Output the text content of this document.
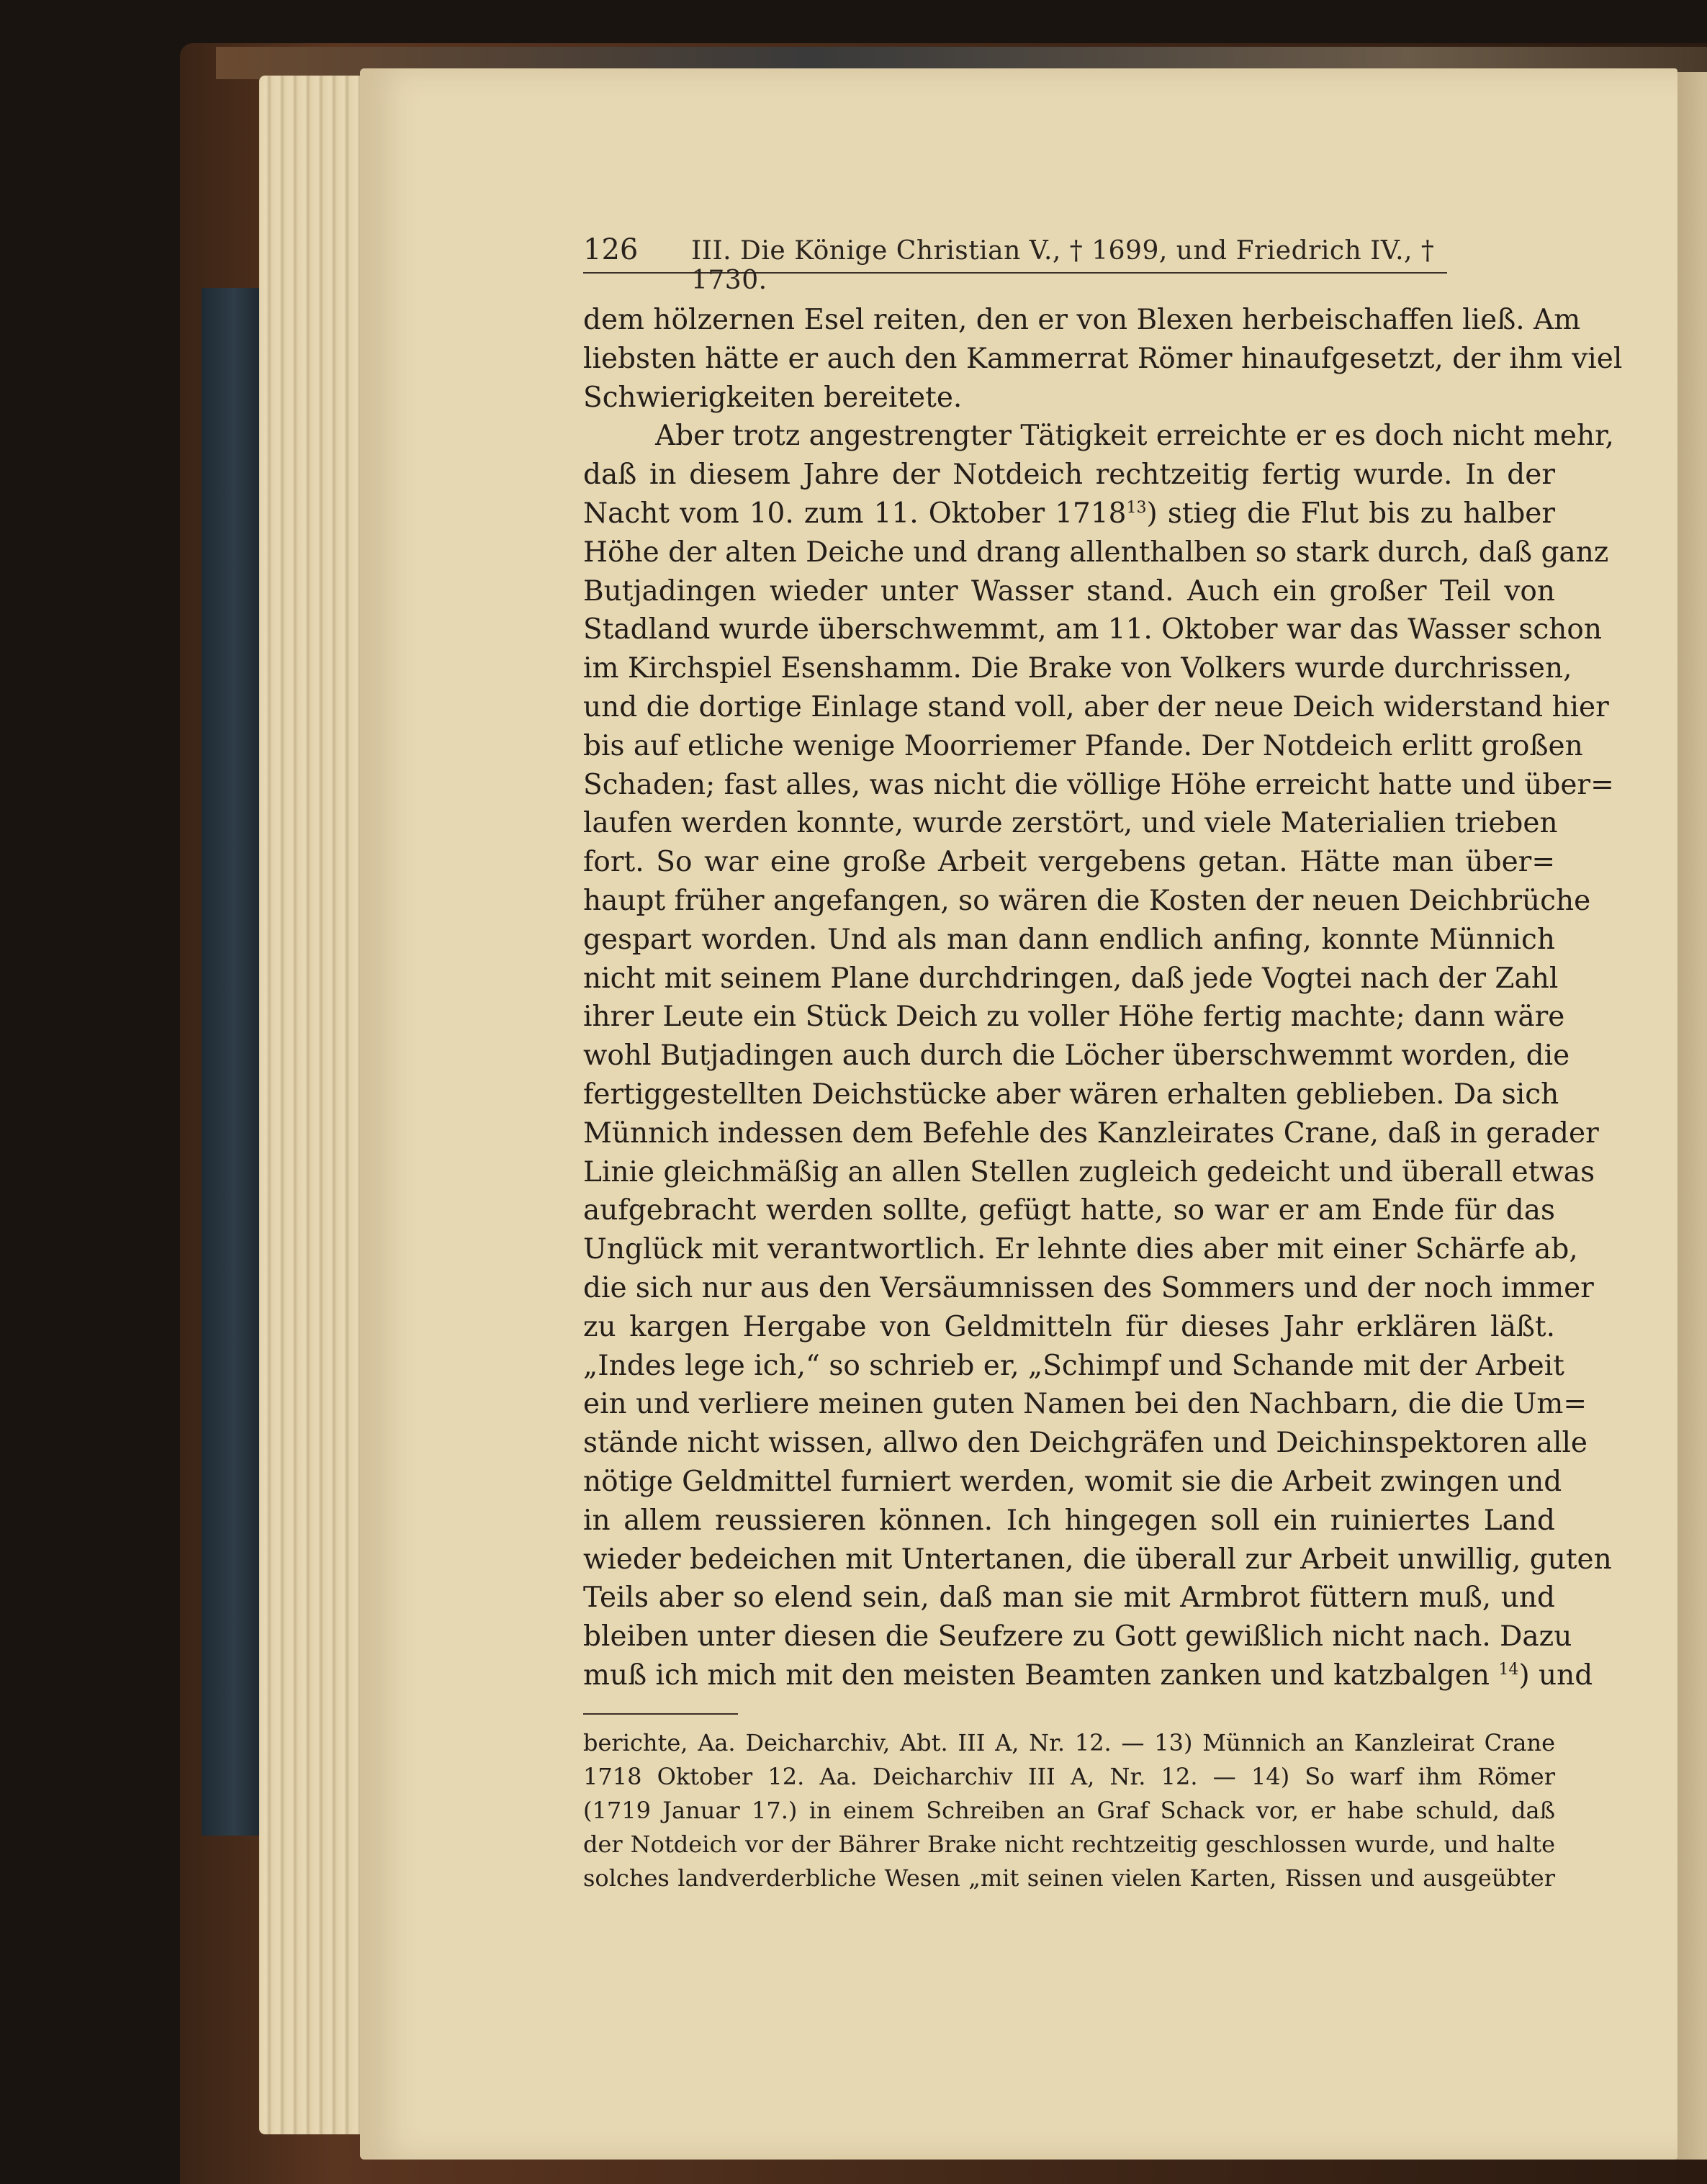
126 III. Die Könige Christian V., † 1699, und Friedrich IV., † 1730.
dem hölzernen Esel reiten, den er von Blexen herbeischaffen ließ. Am
liebsten hätte er auch den Kammerrat Römer hinaufgesetzt, der ihm viel
Schwierigkeiten bereitete.
Aber trotz angestrengter Tätigkeit erreichte er es doch nicht mehr,
daß in diesem Jahre der Notdeich rechtzeitig fertig wurde. In der
Nacht vom 10. zum 11. Oktober 1718$^{13}$) stieg die Flut bis zu halber
Höhe der alten Deiche und drang allenthalben so stark durch, daß ganz
Butjadingen wieder unter Wasser stand. Auch ein großer Teil von
Stadland wurde überschwemmt, am 11. Oktober war das Wasser schon
im Kirchspiel Esenshamm. Die Brake von Volkers wurde durchrissen,
und die dortige Einlage stand voll, aber der neue Deich widerstand hier
bis auf etliche wenige Moorriemer Pfande. Der Notdeich erlitt großen
Schaden; fast alles, was nicht die völlige Höhe erreicht hatte und über=
laufen werden konnte, wurde zerstört, und viele Materialien trieben
fort. So war eine große Arbeit vergebens getan. Hätte man über=
haupt früher angefangen, so wären die Kosten der neuen Deichbrüche
gespart worden. Und als man dann endlich anfing, konnte Münnich
nicht mit seinem Plane durchdringen, daß jede Vogtei nach der Zahl
ihrer Leute ein Stück Deich zu voller Höhe fertig machte; dann wäre
wohl Butjadingen auch durch die Löcher überschwemmt worden, die
fertiggestellten Deichstücke aber wären erhalten geblieben. Da sich
Münnich indessen dem Befehle des Kanzleirates Crane, daß in gerader
Linie gleichmäßig an allen Stellen zugleich gedeicht und überall etwas
aufgebracht werden sollte, gefügt hatte, so war er am Ende für das
Unglück mit verantwortlich. Er lehnte dies aber mit einer Schärfe ab,
die sich nur aus den Versäumnissen des Sommers und der noch immer
zu kargen Hergabe von Geldmitteln für dieses Jahr erklären läßt.
„Indes lege ich,“ so schrieb er, „Schimpf und Schande mit der Arbeit
ein und verliere meinen guten Namen bei den Nachbarn, die die Um=
stände nicht wissen, allwo den Deichgräfen und Deichinspektoren alle
nötige Geldmittel furniert werden, womit sie die Arbeit zwingen und
in allem reussieren können. Ich hingegen soll ein ruiniertes Land
wieder bedeichen mit Untertanen, die überall zur Arbeit unwillig, guten
Teils aber so elend sein, daß man sie mit Armbrot füttern muß, und
bleiben unter diesen die Seufzere zu Gott gewißlich nicht nach. Dazu
muß ich mich mit den meisten Beamten zanken und katzbalgen $^{14}$) und
berichte, Aa. Deicharchiv, Abt. III A, Nr. 12. — 13) Münnich an Kanzleirat Crane
1718 Oktober 12. Aa. Deicharchiv III A, Nr. 12. — 14) So warf ihm Römer
(1719 Januar 17.) in einem Schreiben an Graf Schack vor, er habe schuld, daß
der Notdeich vor der Bährer Brake nicht rechtzeitig geschlossen wurde, und halte
solches landverderbliche Wesen „mit seinen vielen Karten, Rissen und ausgeübter
